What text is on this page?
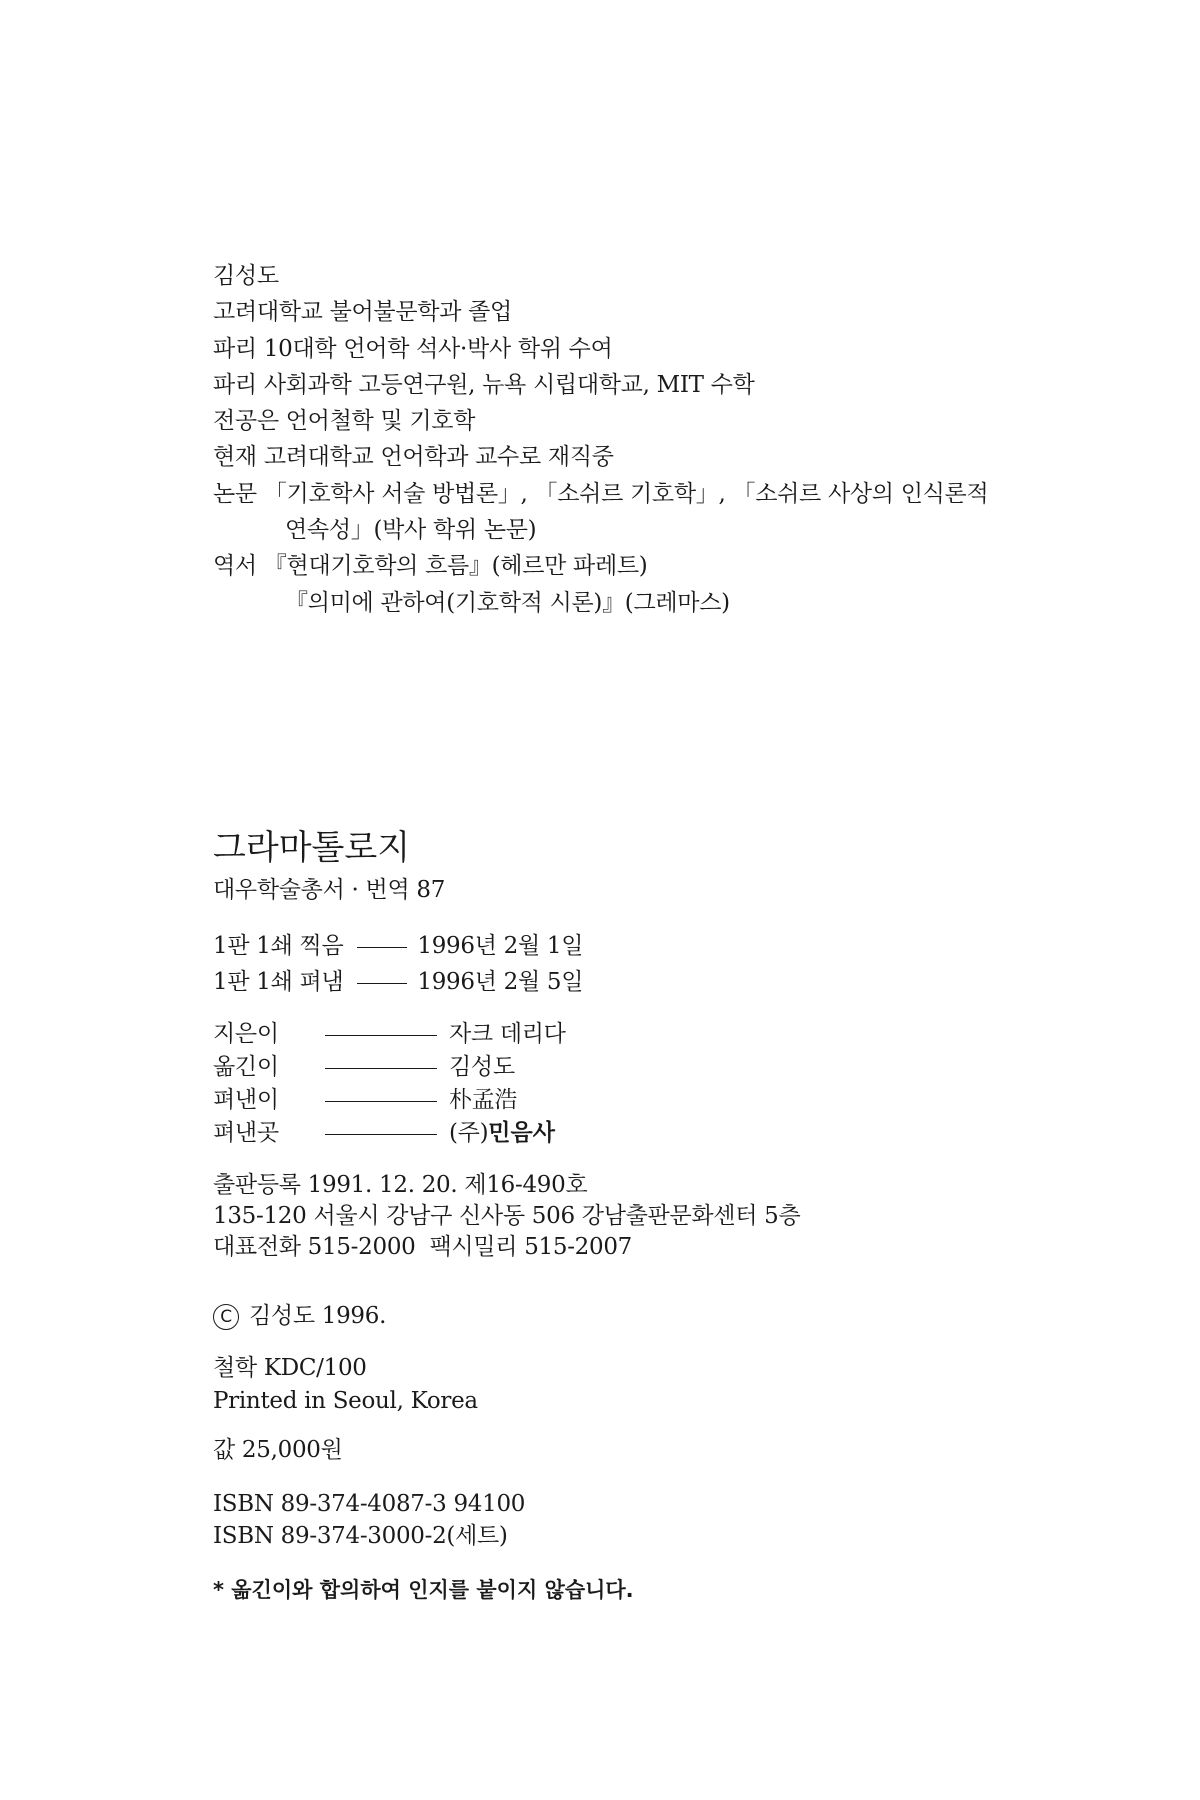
김성도
고려대학교 불어불문학과 졸업
파리 10대학 언어학 석사·박사 학위 수여
파리 사회과학 고등연구원, 뉴욕 시립대학교, MIT 수학
전공은 언어철학 및 기호학
현재 고려대학교 언어학과 교수로 재직중
논문 「기호학사 서술 방법론」, 「소쉬르 기호학」, 「소쉬르 사상의 인식론적
연속성」(박사 학위 논문)
역서 『현대기호학의 흐름』(헤르만 파레트)
『의미에 관하여(기호학적 시론)』(그레마스)
그라마톨로지
대우학술총서 · 번역 87
1판 1쇄 찍음	1996년 2월 1일
1판 1쇄 펴냄	1996년 2월 5일
지은이	자크 데리다
옮긴이	김성도
펴낸이	朴孟浩
펴낸곳	(주) 민음사
출판등록 1991. 12. 20. 제16-490호
135-120 서울시 강남구 신사동 506 강남출판문화센터 5층
대표전화 515-2000  팩시밀리 515-2007
C 김성도 1996.
철학 KDC/100
Printed in Seoul, Korea
값 25,000원
ISBN 89-374-4087-3 94100
ISBN 89-374-3000-2(세트)
* 옮긴이와 합의하여 인지를 붙이지 않습니다.
